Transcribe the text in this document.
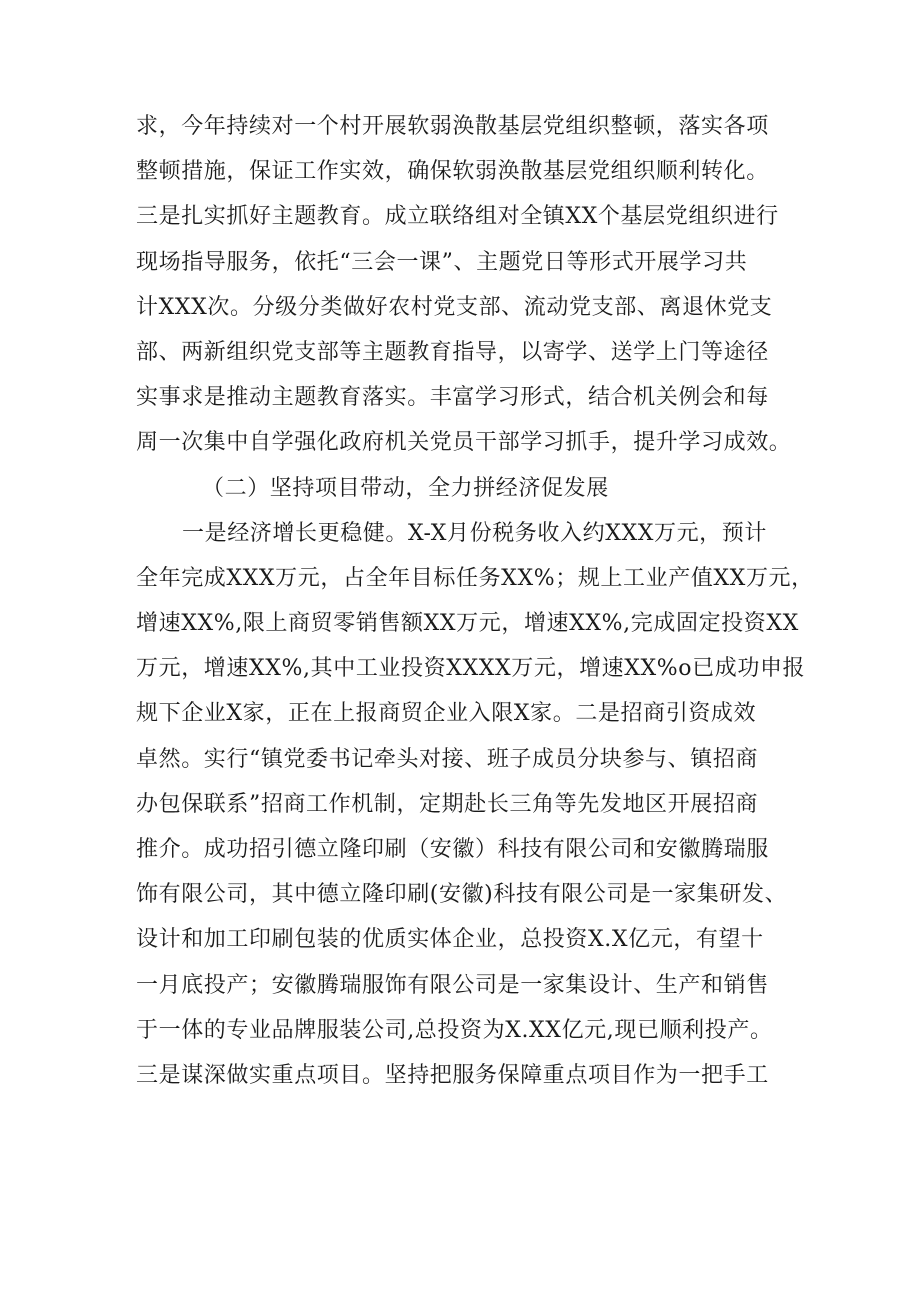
求，今年持续对一个村开展软弱涣散基层党组织整顿，落实各项
整顿措施，保证工作实效，确保软弱涣散基层党组织顺利转化。
三是扎实抓好主题教育。成立联络组对全镇XX个基层党组织进行
现场指导服务，依托“三会一课”、主题党日等形式开展学习共
计XXX次。分级分类做好农村党支部、流动党支部、离退休党支
部、两新组织党支部等主题教育指导，以寄学、送学上门等途径
实事求是推动主题教育落实。丰富学习形式，结合机关例会和每
周一次集中自学强化政府机关党员干部学习抓手，提升学习成效。
（二）坚持项目带动，全力拼经济促发展
一是经济增长更稳健。X-X月份税务收入约XXX万元，预计
全年完成XXX万元，占全年目标任务XX%；规上工业产值XX万元，
增速XX%,限上商贸零销售额XX万元，增速XX%,完成固定投资XX
万元，增速XX%,其中工业投资XXXX万元，增速XX%o已成功申报
规下企业X家，正在上报商贸企业入限X家。二是招商引资成效
卓然。实行“镇党委书记牵头对接、班子成员分块参与、镇招商
办包保联系”招商工作机制，定期赴长三角等先发地区开展招商
推介。成功招引德立隆印刷（安徽）科技有限公司和安徽腾瑞服
饰有限公司，其中德立隆印刷(安徽)科技有限公司是一家集研发、
设计和加工印刷包装的优质实体企业，总投资X.X亿元，有望十
一月底投产；安徽腾瑞服饰有限公司是一家集设计、生产和销售
于一体的专业品牌服装公司,总投资为X.XX亿元,现已顺利投产。
三是谋深做实重点项目。坚持把服务保障重点项目作为一把手工
